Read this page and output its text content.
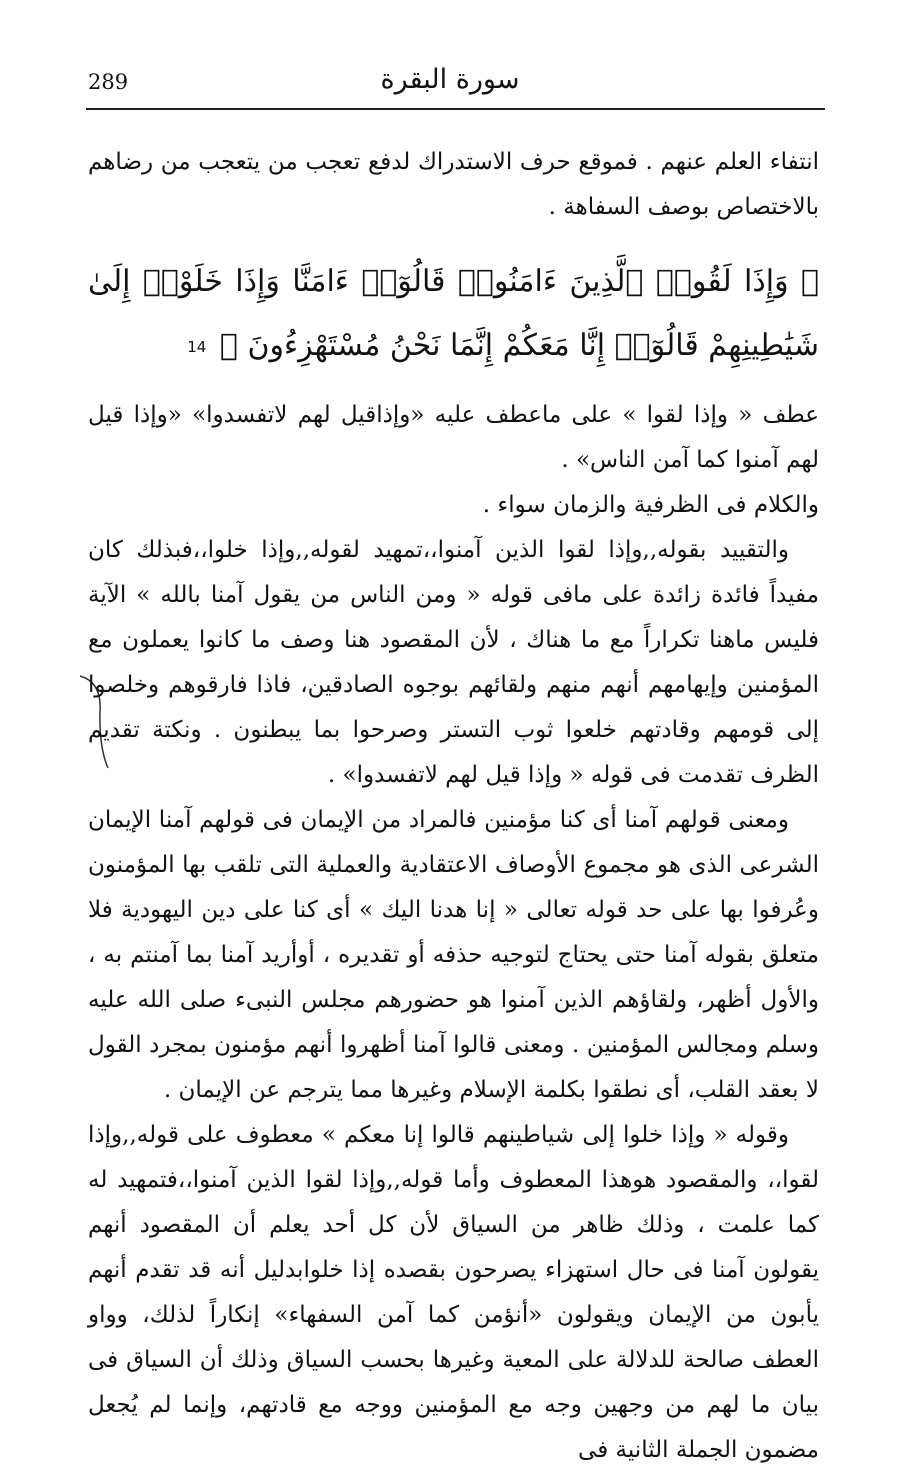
289	سورة البقرة

انتفاء العلم عنهم . فموقع حرف الاستدراك لدفع تعجب من يتعجب من رضاهم بالاختصاص بوصف السفاهة .

﴿ وَإِذَا لَقُوا۟ ٱلَّذِينَ ءَامَنُوا۟ قَالُوٓا۟ ءَامَنَّا وَإِذَا خَلَوْا۟ إِلَىٰ شَيَٰطِينِهِمْ قَالُوٓا۟ إِنَّا مَعَكُمْ إِنَّمَا نَحْنُ مُسْتَهْزِءُونَ ﴾ 14

عطف « وإذا لقوا » على ماعطف عليه «وإذاقيل لهم لاتفسدوا» «وإذا قيل لهم آمنوا كما آمن الناس» .

والكلام فى الظرفية والزمان سواء .

والتقييد بقوله,,وإذا لقوا الذين آمنوا،،تمهيد لقوله,,وإذا خلوا،،فبذلك كان مفيداً فائدة زائدة على مافى قوله « ومن الناس من يقول آمنا بالله » الآية فليس ماهنا تكراراً مع ما هناك ، لأن المقصود هنا وصف ما كانوا يعملون مع المؤمنين وإيهامهم أنهم منهم ولقائهم بوجوه الصادقين، فاذا فارقوهم وخلصوا إلى قومهم وقادتهم خلعوا ثوب التستر وصرحوا بما يبطنون . ونكتة تقديم الظرف تقدمت فى قوله « وإذا قيل لهم لاتفسدوا» .

ومعنى قولهم آمنا أى كنا مؤمنين فالمراد من الإيمان فى قولهم آمنا الإيمان الشرعى الذى هو مجموع الأوصاف الاعتقادية والعملية التى تلقب بها المؤمنون وعُرفوا بها على حد قوله تعالى « إنا هدنا اليك » أى كنا على دين اليهودية فلا متعلق بقوله آمنا حتى يحتاج لتوجيه حذفه أو تقديره ، أوأريد آمنا بما آمنتم به ، والأول أظهر، ولقاؤهم الذين آمنوا هو حضورهم مجلس النبىء صلى الله عليه وسلم ومجالس المؤمنين . ومعنى قالوا آمنا أظهروا أنهم مؤمنون بمجرد القول لا بعقد القلب، أى نطقوا بكلمة الإسلام وغيرها مما يترجم عن الإيمان .

وقوله « وإذا خلوا إلى شياطينهم قالوا إنا معكم » معطوف على قوله,,وإذا لقوا،، والمقصود هوهذا المعطوف وأما قوله,,وإذا لقوا الذين آمنوا،،فتمهيد له كما علمت ، وذلك ظاهر من السياق لأن كل أحد يعلم أن المقصود أنهم يقولون آمنا فى حال استهزاء يصرحون بقصده إذا خلوابدليل أنه قد تقدم أنهم يأبون من الإيمان ويقولون «أنؤمن كما آمن السفهاء» إنكاراً لذلك، وواو العطف صالحة للدلالة على المعية وغيرها بحسب السياق وذلك أن السياق فى بيان ما لهم من وجهين وجه مع المؤمنين ووجه مع قادتهم، وإنما لم يُجعل مضمون الجملة الثانية فى
